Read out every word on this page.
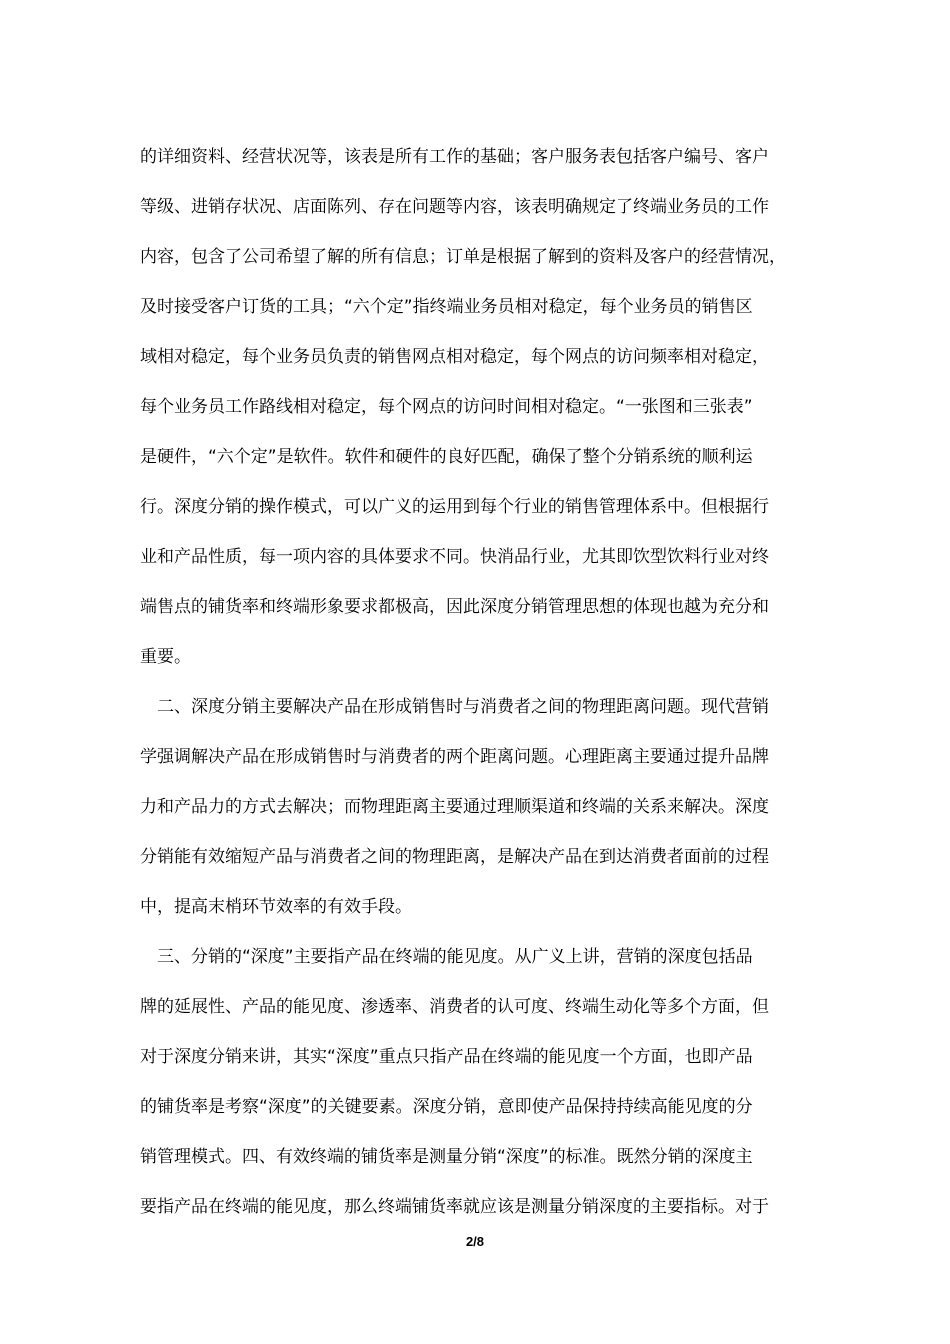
的详细资料、经营状况等，该表是所有工作的基础；客户服务表包括客户编号、客户
等级、进销存状况、店面陈列、存在问题等内容，该表明确规定了终端业务员的工作
内容，包含了公司希望了解的所有信息；订单是根据了解到的资料及客户的经营情况，
及时接受客户订货的工具；“六个定”指终端业务员相对稳定，每个业务员的销售区
域相对稳定，每个业务员负责的销售网点相对稳定，每个网点的访问频率相对稳定，
每个业务员工作路线相对稳定，每个网点的访问时间相对稳定。“一张图和三张表”
是硬件，“六个定”是软件。软件和硬件的良好匹配，确保了整个分销系统的顺利运
行。深度分销的操作模式，可以广义的运用到每个行业的销售管理体系中。但根据行
业和产品性质，每一项内容的具体要求不同。快消品行业，尤其即饮型饮料行业对终
端售点的铺货率和终端形象要求都极高，因此深度分销管理思想的体现也越为充分和
重要。
　二、深度分销主要解决产品在形成销售时与消费者之间的物理距离问题。现代营销
学强调解决产品在形成销售时与消费者的两个距离问题。心理距离主要通过提升品牌
力和产品力的方式去解决；而物理距离主要通过理顺渠道和终端的关系来解决。深度
分销能有效缩短产品与消费者之间的物理距离，是解决产品在到达消费者面前的过程
中，提高末梢环节效率的有效手段。
　三、分销的“深度”主要指产品在终端的能见度。从广义上讲，营销的深度包括品
牌的延展性、产品的能见度、渗透率、消费者的认可度、终端生动化等多个方面，但
对于深度分销来讲，其实“深度”重点只指产品在终端的能见度一个方面，也即产品
的铺货率是考察“深度”的关键要素。深度分销，意即使产品保持持续高能见度的分
销管理模式。四、有效终端的铺货率是测量分销“深度”的标准。既然分销的深度主
要指产品在终端的能见度，那么终端铺货率就应该是测量分销深度的主要指标。对于
2/8
